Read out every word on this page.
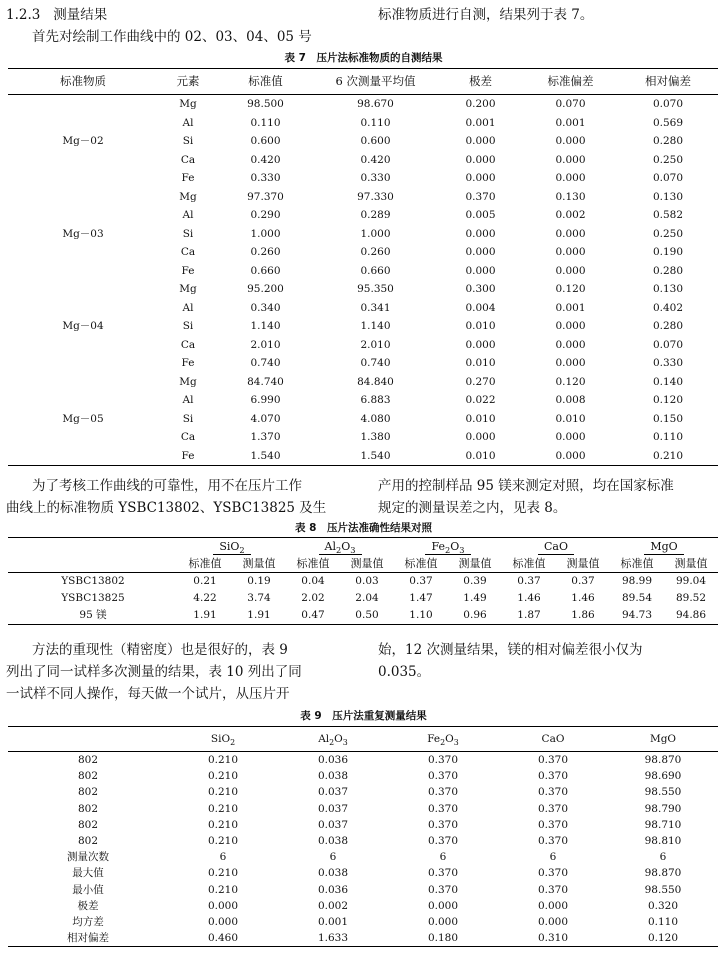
1.2.3 测量结果	标准物质进行自测，结果列于表 7。
首先对绘制工作曲线中的 02、03、04、05 号
表 7　压片法标准物质的自测结果
标准物质	元素	标准值	6 次测量平均值	极差	标准偏差	相对偏差
Mg－02	Mg	98.500	98.670	0.200	0.070	0.070
	Al	0.110	0.110	0.001	0.001	0.569
	Si	0.600	0.600	0.000	0.000	0.280
	Ca	0.420	0.420	0.000	0.000	0.250
	Fe	0.330	0.330	0.000	0.000	0.070
Mg－03	Mg	97.370	97.330	0.370	0.130	0.130
	Al	0.290	0.289	0.005	0.002	0.582
	Si	1.000	1.000	0.000	0.000	0.250
	Ca	0.260	0.260	0.000	0.000	0.190
	Fe	0.660	0.660	0.000	0.000	0.280
Mg－04	Mg	95.200	95.350	0.300	0.120	0.130
	Al	0.340	0.341	0.004	0.001	0.402
	Si	1.140	1.140	0.010	0.000	0.280
	Ca	2.010	2.010	0.000	0.000	0.070
	Fe	0.740	0.740	0.010	0.000	0.330
Mg－05	Mg	84.740	84.840	0.270	0.120	0.140
	Al	6.990	6.883	0.022	0.008	0.120
	Si	4.070	4.080	0.010	0.010	0.150
	Ca	1.370	1.380	0.000	0.000	0.110
	Fe	1.540	1.540	0.010	0.000	0.210
为了考核工作曲线的可靠性，用不在压片工作	产用的控制样品 95 镁来测定对照，均在国家标准
曲线上的标准物质 YSBC13802、YSBC13825 及生	规定的测量误差之内，见表 8。
表 8　压片法准确性结果对照
	SiO$_2$		$Al_2O_3$		$Fe_2O_3$		CaO		MgO	
	标准值	测量值	标准值	测量值	标准值	测量值	标准值	测量值	标准值	测量值
YSBC13802	0.21	0.19	0.04	0.03	0.37	0.39	0.37	0.37	98.99	99.04
YSBC13825	4.22	3.74	2.02	2.04	1.47	1.49	1.46	1.46	89.54	89.52
95 镁	1.91	1.91	0.47	0.50	1.10	0.96	1.87	1.86	94.73	94.86
方法的重现性（精密度）也是很好的，表 9	始，12 次测量结果，镁的相对偏差很小仅为
列出了同一试样多次测量的结果，表 10 列出了同	0.035。
一试样不同人操作，每天做一个试片，从压片开
表 9　压片法重复测量结果
	SiO$_2$	$Al_2O_3$	$Fe_2O_3$	CaO	MgO
802	0.210	0.036	0.370	0.370	98.870
802	0.210	0.038	0.370	0.370	98.690
802	0.210	0.037	0.370	0.370	98.550
802	0.210	0.037	0.370	0.370	98.790
802	0.210	0.037	0.370	0.370	98.710
802	0.210	0.038	0.370	0.370	98.810
测量次数	6	6	6	6	6
最大值	0.210	0.038	0.370	0.370	98.870
最小值	0.210	0.036	0.370	0.370	98.550
极差	0.000	0.002	0.000	0.000	0.320
均方差	0.000	0.001	0.000	0.000	0.110
相对偏差	0.460	1.633	0.180	0.310	0.120
